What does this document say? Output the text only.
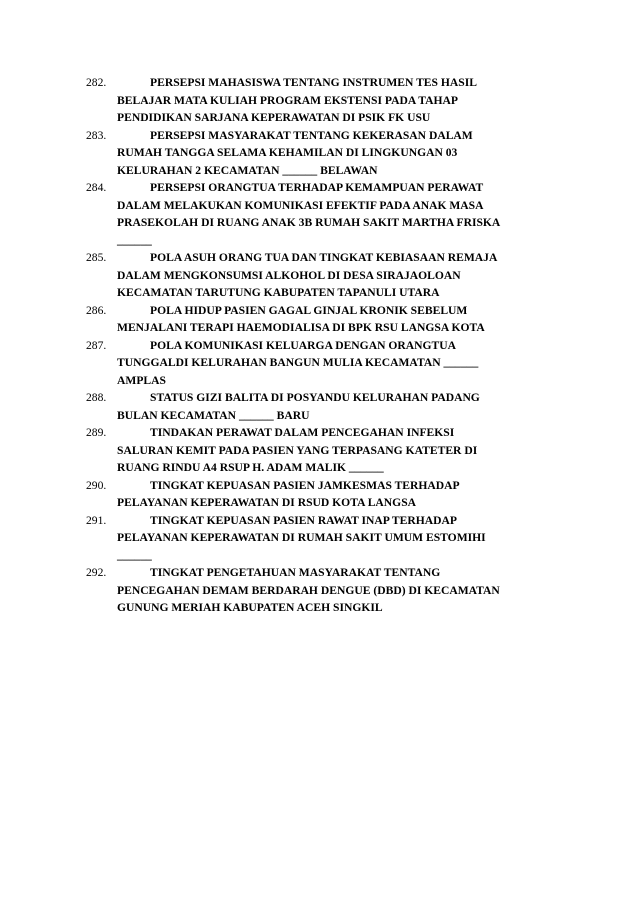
282.	PERSEPSI MAHASISWA TENTANG INSTRUMEN TES HASIL
BELAJAR MATA KULIAH PROGRAM EKSTENSI PADA TAHAP
PENDIDIKAN SARJANA KEPERAWATAN DI PSIK FK USU
283.	PERSEPSI MASYARAKAT TENTANG KEKERASAN DALAM
RUMAH TANGGA SELAMA KEHAMILAN DI LINGKUNGAN 03
KELURAHAN 2 KECAMATAN ______ BELAWAN
284.	PERSEPSI ORANGTUA TERHADAP KEMAMPUAN PERAWAT
DALAM MELAKUKAN KOMUNIKASI EFEKTIF PADA ANAK MASA
PRASEKOLAH DI RUANG ANAK 3B RUMAH SAKIT MARTHA FRISKA
______
285.	POLA ASUH ORANG TUA DAN TINGKAT KEBIASAAN REMAJA
DALAM MENGKONSUMSI ALKOHOL DI DESA SIRAJAOLOAN
KECAMATAN TARUTUNG KABUPATEN TAPANULI UTARA
286.	POLA HIDUP PASIEN GAGAL GINJAL KRONIK SEBELUM
MENJALANI TERAPI HAEMODIALISA DI BPK RSU LANGSA KOTA
287.	POLA KOMUNIKASI KELUARGA DENGAN ORANGTUA
TUNGGALDI KELURAHAN BANGUN MULIA KECAMATAN ______
AMPLAS
288.	STATUS GIZI BALITA DI POSYANDU KELURAHAN PADANG
BULAN KECAMATAN ______ BARU
289.	TINDAKAN PERAWAT DALAM PENCEGAHAN INFEKSI
SALURAN KEMIT PADA PASIEN YANG TERPASANG KATETER DI
RUANG RINDU A4 RSUP H. ADAM MALIK ______
290.	TINGKAT KEPUASAN PASIEN JAMKESMAS TERHADAP
PELAYANAN KEPERAWATAN DI RSUD KOTA LANGSA
291.	TINGKAT KEPUASAN PASIEN RAWAT INAP TERHADAP
PELAYANAN KEPERAWATAN DI RUMAH SAKIT UMUM ESTOMIHI
______
292.	TINGKAT PENGETAHUAN MASYARAKAT TENTANG
PENCEGAHAN DEMAM BERDARAH DENGUE (DBD) DI KECAMATAN
GUNUNG MERIAH KABUPATEN ACEH SINGKIL
